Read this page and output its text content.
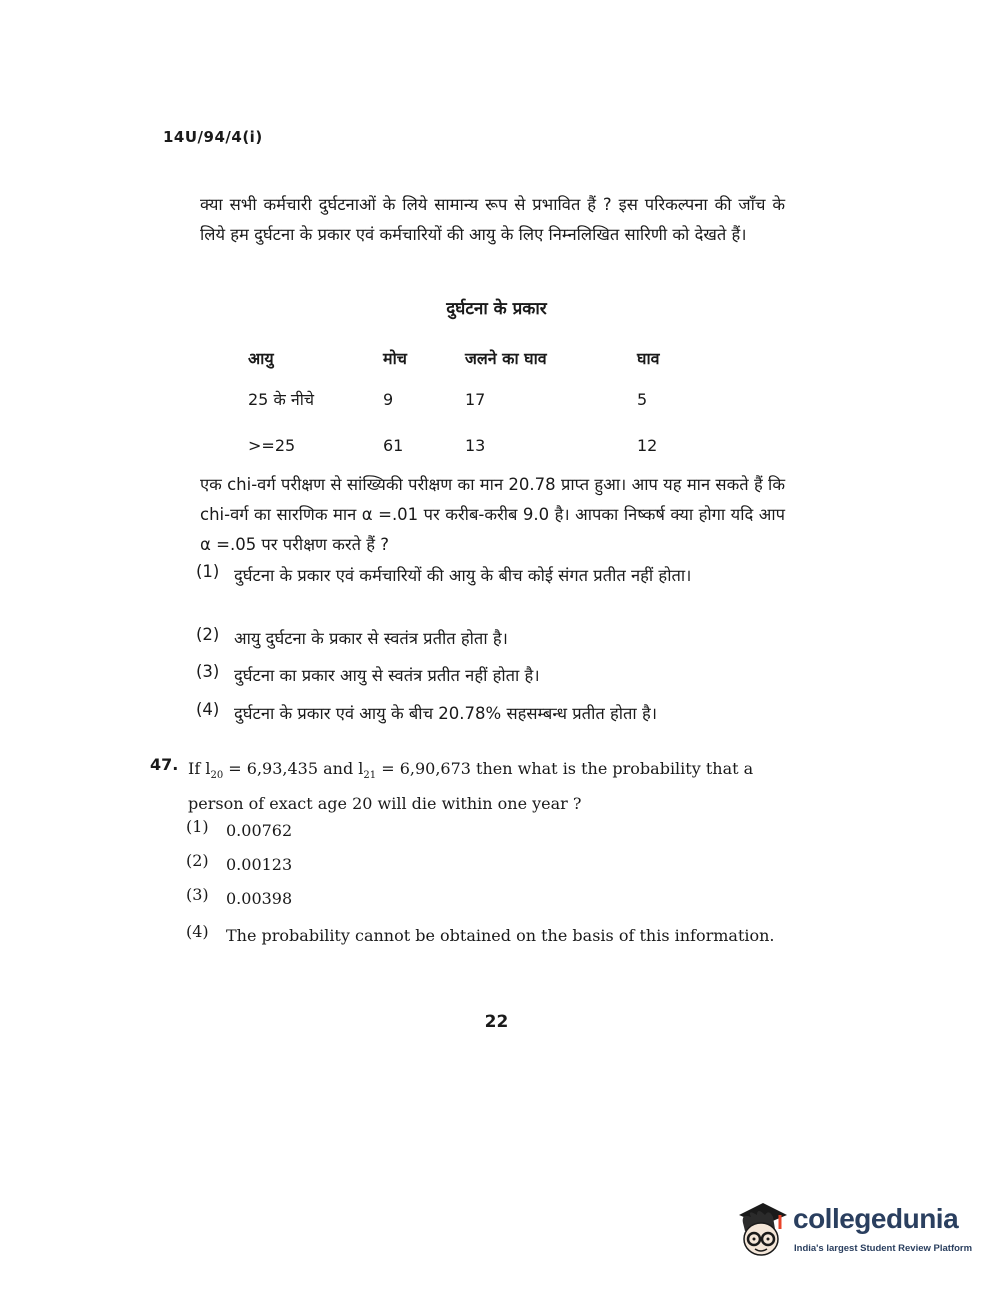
14U/94/4(i)
क्या सभी कर्मचारी दुर्घटनाओं के लिये सामान्य रूप से प्रभावित हैं ? इस परिकल्पना की जाँच के लिये हम दुर्घटना के प्रकार एवं कर्मचारियों की आयु के लिए निम्नलिखित सारिणी को देखते हैं।
दुर्घटना के प्रकार
आयु	मोच	जलने का घाव	घाव
25 के नीचे	9	17	5
>=25	61	13	12
एक chi-वर्ग परीक्षण से सांख्यिकी परीक्षण का मान 20.78 प्राप्त हुआ। आप यह मान सकते हैं कि chi-वर्ग का सारणिक मान α =.01 पर करीब-करीब 9.0 है। आपका निष्कर्ष क्या होगा यदि आप α =.05 पर परीक्षण करते हैं ?
(1) दुर्घटना के प्रकार एवं कर्मचारियों की आयु के बीच कोई संगत प्रतीत नहीं होता।
(2) आयु दुर्घटना के प्रकार से स्वतंत्र प्रतीत होता है।
(3) दुर्घटना का प्रकार आयु से स्वतंत्र प्रतीत नहीं होता है।
(4) दुर्घटना के प्रकार एवं आयु के बीच 20.78% सहसम्बन्ध प्रतीत होता है।
47. If $l_{20} = 6,93,435$ and $l_{21} = 6,90,673$ then what is the probability that a person of exact age 20 will die within one year ?
(1)	0.00762
(2)	0.00123
(3)	0.00398
(4)	The probability cannot be obtained on the basis of this information.
22
collegedunia
India's largest Student Review Platform
